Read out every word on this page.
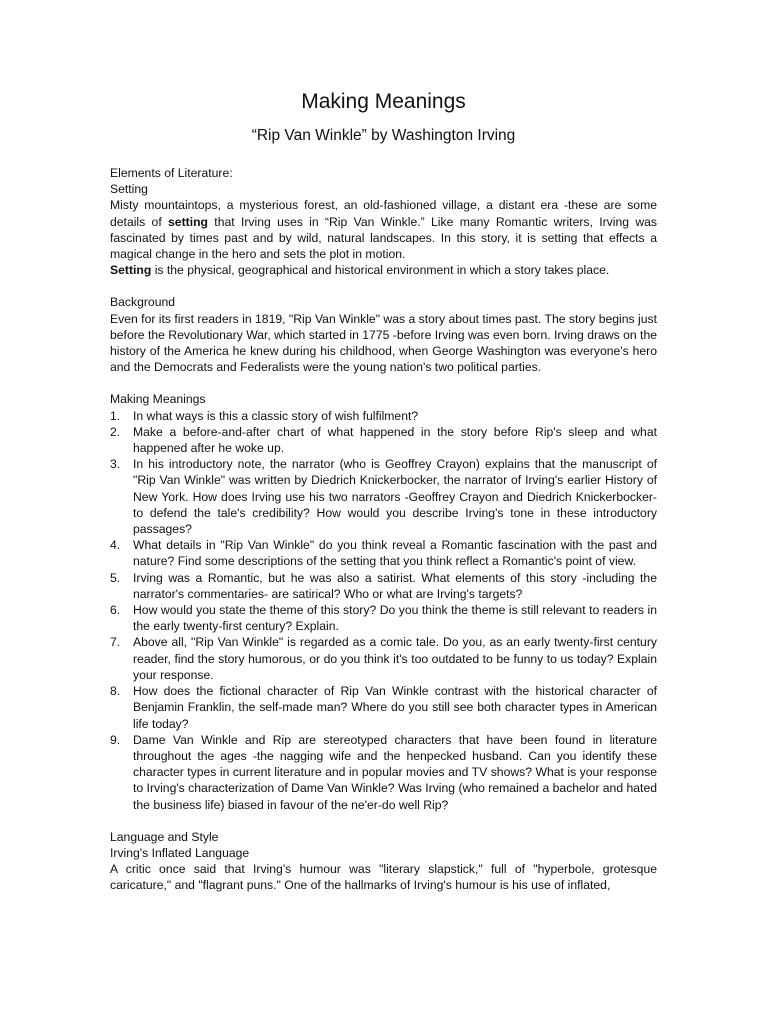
Making Meanings
“Rip Van Winkle” by Washington Irving
Elements of Literature:
Setting

Misty mountaintops, a mysterious forest, an old-fashioned village, a distant era -these are some details of setting that Irving uses in “Rip Van Winkle.” Like many Romantic writers, Irving was fascinated by times past and by wild, natural landscapes. In this story, it is setting that effects a magical change in the hero and sets the plot in motion.

Setting is the physical, geographical and historical environment in which a story takes place.

Background

Even for its first readers in 1819, "Rip Van Winkle" was a story about times past. The story begins just before the Revolutionary War, which started in 1775 -before Irving was even born. Irving draws on the history of the America he knew during his childhood, when George Washington was everyone's hero and the Democrats and Federalists were the young nation's two political parties.

Making Meanings
1. In what ways is this a classic story of wish fulfilment?
2. Make a before-and-after chart of what happened in the story before Rip's sleep and what happened after he woke up.
3. In his introductory note, the narrator (who is Geoffrey Crayon) explains that the manuscript of "Rip Van Winkle" was written by Diedrich Knickerbocker, the narrator of Irving's earlier History of New York. How does Irving use his two narrators -Geoffrey Crayon and Diedrich Knickerbocker- to defend the tale's credibility? How would you describe Irving's tone in these introductory passages?
4. What details in "Rip Van Winkle" do you think reveal a Romantic fascination with the past and nature? Find some descriptions of the setting that you think reflect a Romantic's point of view.
5. Irving was a Romantic, but he was also a satirist. What elements of this story -including the narrator's commentaries- are satirical? Who or what are Irving's targets?
6. How would you state the theme of this story? Do you think the theme is still relevant to readers in the early twenty-first century? Explain.
7. Above all, "Rip Van Winkle" is regarded as a comic tale. Do you, as an early twenty-first century reader, find the story humorous, or do you think it's too outdated to be funny to us today? Explain your response.
8. How does the fictional character of Rip Van Winkle contrast with the historical character of Benjamin Franklin, the self-made man? Where do you still see both character types in American life today?
9. Dame Van Winkle and Rip are stereotyped characters that have been found in literature throughout the ages -the nagging wife and the henpecked husband. Can you identify these character types in current literature and in popular movies and TV shows? What is your response to Irving's characterization of Dame Van Winkle? Was Irving (who remained a bachelor and hated the business life) biased in favour of the ne'er-do well Rip?
Language and Style
Irving's Inflated Language

A critic once said that Irving's humour was "literary slapstick," full of "hyperbole, grotesque caricature," and "flagrant puns." One of the hallmarks of Irving's humour is his use of inflated,
